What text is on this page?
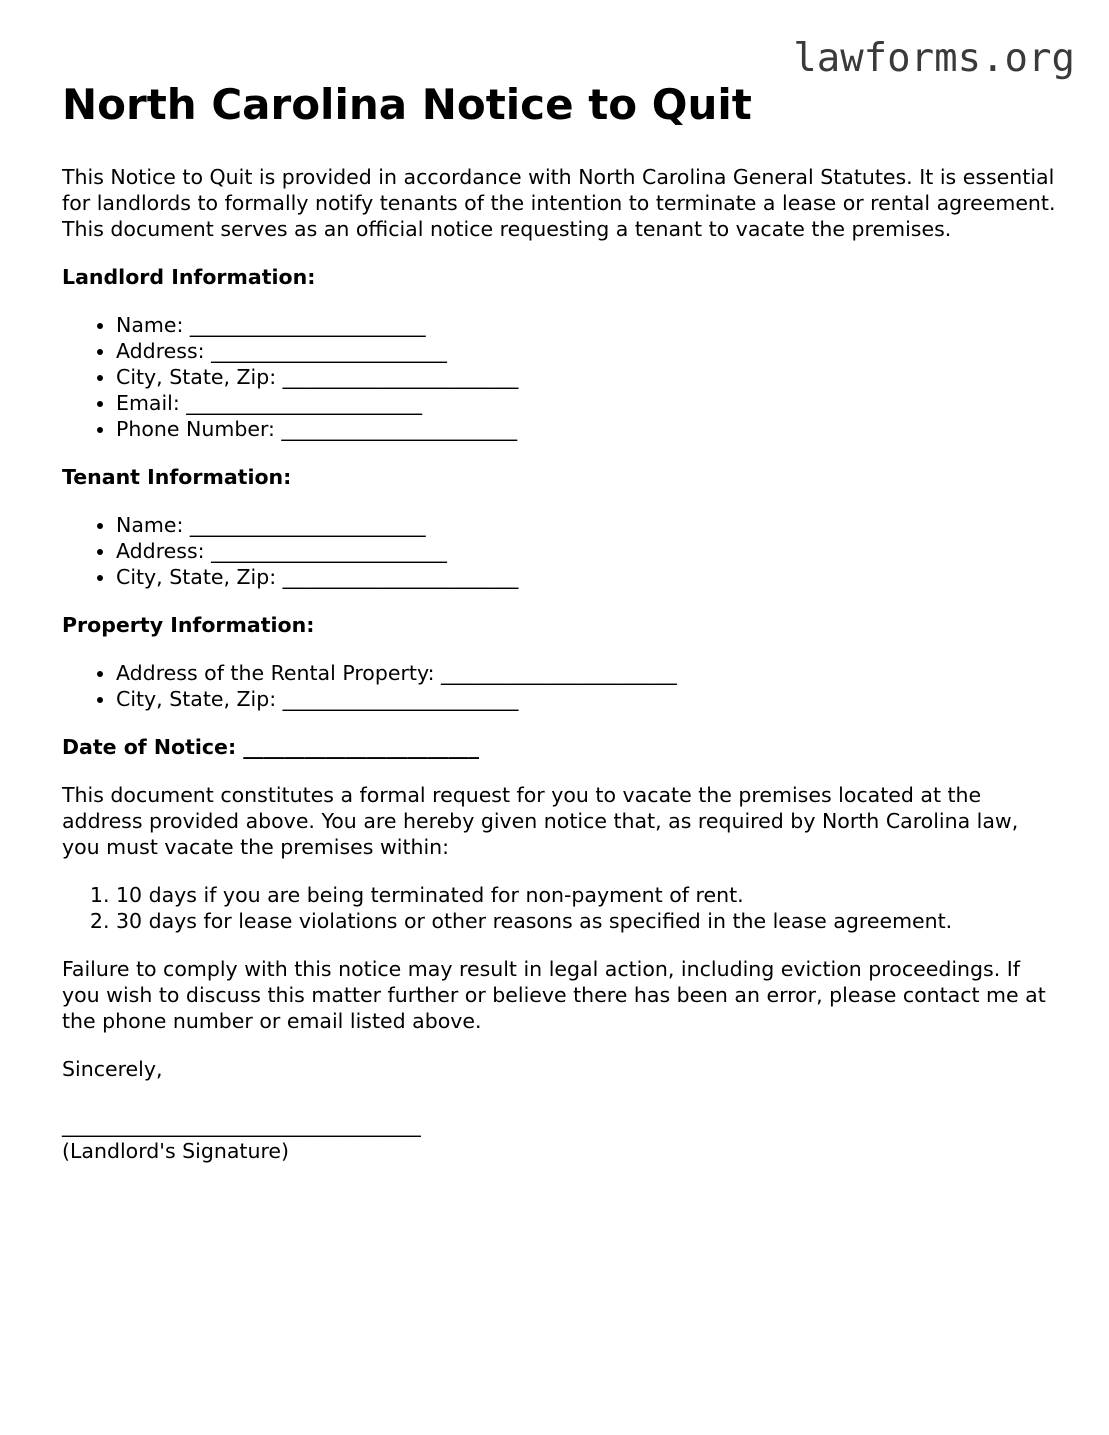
lawforms.org
North Carolina Notice to Quit

This Notice to Quit is provided in accordance with North Carolina General Statutes. It is essential for landlords to formally notify tenants of the intention to terminate a lease or rental agreement. This document serves as an official notice requesting a tenant to vacate the premises.

Landlord Information:
• Name: _______________________
• Address: _______________________
• City, State, Zip: _______________________
• Email: _______________________
• Phone Number: _______________________
Tenant Information:
• Name: _______________________
• Address: _______________________
• City, State, Zip: _______________________
Property Information:
• Address of the Rental Property: _______________________
• City, State, Zip: _______________________
Date of Notice: _______________________

This document constitutes a formal request for you to vacate the premises located at the address provided above. You are hereby given notice that, as required by North Carolina law, you must vacate the premises within:

1. 10 days if you are being terminated for non-payment of rent.
2. 30 days for lease violations or other reasons as specified in the lease agreement.

Failure to comply with this notice may result in legal action, including eviction proceedings. If you wish to discuss this matter further or believe there has been an error, please contact me at the phone number or email listed above.

Sincerely,

___________________________________
(Landlord's Signature)
